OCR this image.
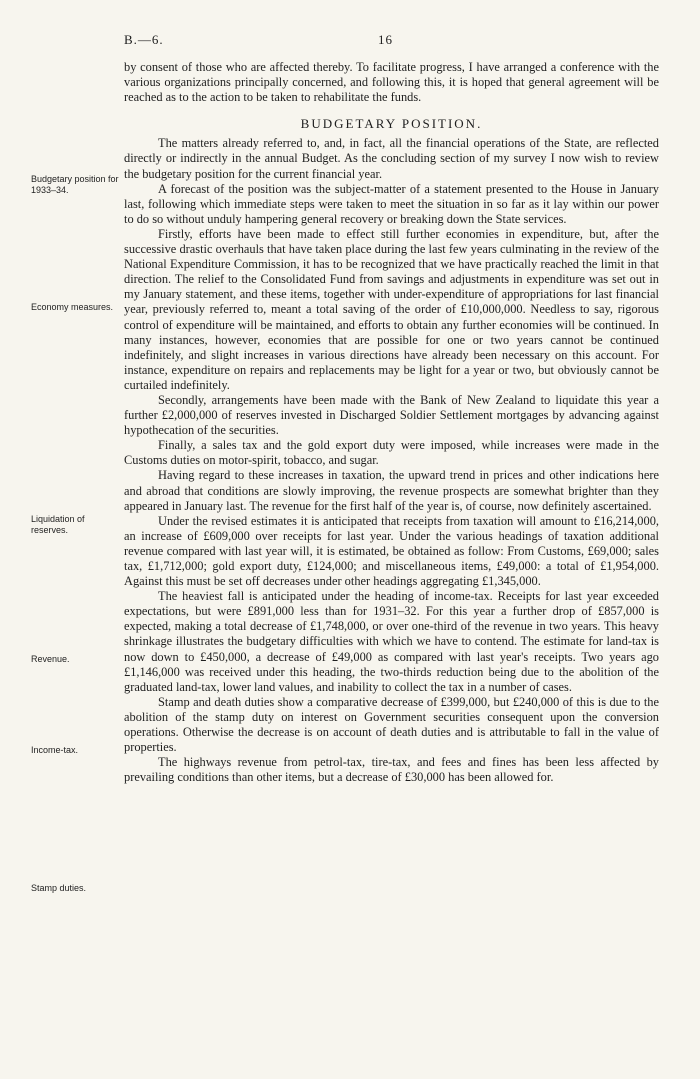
B.—6.	16

by consent of those who are affected thereby. To facilitate progress, I have arranged a conference with the various organizations principally concerned, and following this, it is hoped that general agreement will be reached as to the action to be taken to rehabilitate the funds.

BUDGETARY POSITION.

The matters already referred to, and, in fact, all the financial operations of the State, are reflected directly or indirectly in the annual Budget. As the concluding section of my survey I now wish to review the budgetary position for the current financial year.

A forecast of the position was the subject-matter of a statement presented to the House in January last, following which immediate steps were taken to meet the situation in so far as it lay within our power to do so without unduly hampering general recovery or breaking down the State services.

Firstly, efforts have been made to effect still further economies in expenditure, but, after the successive drastic overhauls that have taken place during the last few years culminating in the review of the National Expenditure Commission, it has to be recognized that we have practically reached the limit in that direction. The relief to the Consolidated Fund from savings and adjustments in expenditure was set out in my January statement, and these items, together with under-expenditure of appropriations for last financial year, previously referred to, meant a total saving of the order of £10,000,000. Needless to say, rigorous control of expenditure will be maintained, and efforts to obtain any further economies will be continued. In many instances, however, economies that are possible for one or two years cannot be continued indefinitely, and slight increases in various directions have already been necessary on this account. For instance, expenditure on repairs and replacements may be light for a year or two, but obviously cannot be curtailed indefinitely.

Secondly, arrangements have been made with the Bank of New Zealand to liquidate this year a further £2,000,000 of reserves invested in Discharged Soldier Settlement mortgages by advancing against hypothecation of the securities.

Finally, a sales tax and the gold export duty were imposed, while increases were made in the Customs duties on motor-spirit, tobacco, and sugar.

Having regard to these increases in taxation, the upward trend in prices and other indications here and abroad that conditions are slowly improving, the revenue prospects are somewhat brighter than they appeared in January last. The revenue for the first half of the year is, of course, now definitely ascertained.

Under the revised estimates it is anticipated that receipts from taxation will amount to £16,214,000, an increase of £609,000 over receipts for last year. Under the various headings of taxation additional revenue compared with last year will, it is estimated, be obtained as follow: From Customs, £69,000; sales tax, £1,712,000; gold export duty, £124,000; and miscellaneous items, £49,000: a total of £1,954,000. Against this must be set off decreases under other headings aggregating £1,345,000.

The heaviest fall is anticipated under the heading of income-tax. Receipts for last year exceeded expectations, but were £891,000 less than for 1931–32. For this year a further drop of £857,000 is expected, making a total decrease of £1,748,000, or over one-third of the revenue in two years. This heavy shrinkage illustrates the budgetary difficulties with which we have to contend. The estimate for land-tax is now down to £450,000, a decrease of £49,000 as compared with last year's receipts. Two years ago £1,146,000 was received under this heading, the two-thirds reduction being due to the abolition of the graduated land-tax, lower land values, and inability to collect the tax in a number of cases.

Stamp and death duties show a comparative decrease of £399,000, but £240,000 of this is due to the abolition of the stamp duty on interest on Government securities consequent upon the conversion operations. Otherwise the decrease is on account of death duties and is attributable to fall in the value of properties.

The highways revenue from petrol-tax, tire-tax, and fees and fines has been less affected by prevailing conditions than other items, but a decrease of £30,000 has been allowed for.

Budgetary position for 1933–34.
Economy measures.
Liquidation of reserves.
Revenue.
Income-tax.
Stamp duties.
